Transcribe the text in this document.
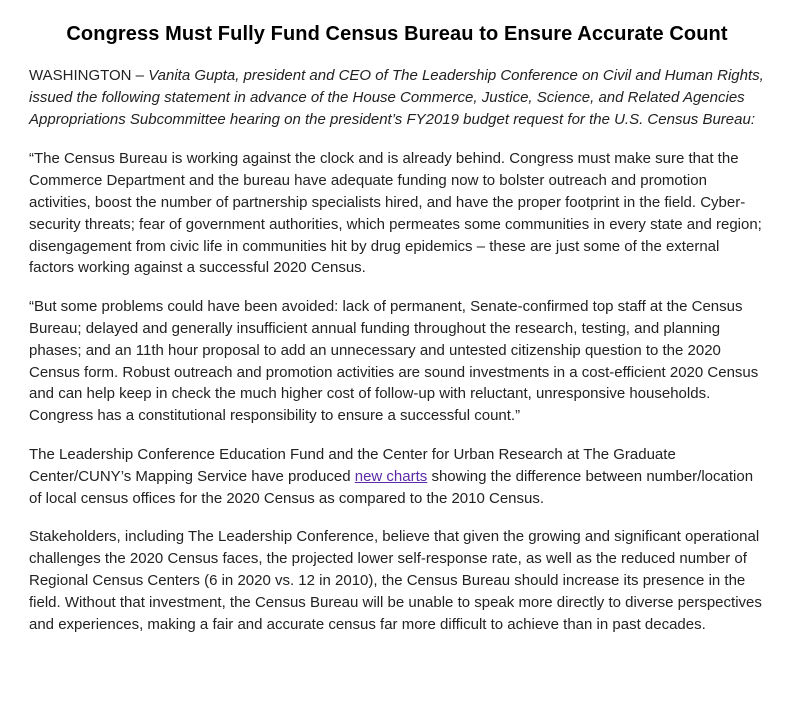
Congress Must Fully Fund Census Bureau to Ensure Accurate Count

WASHINGTON – Vanita Gupta, president and CEO of The Leadership Conference on Civil and Human Rights, issued the following statement in advance of the House Commerce, Justice, Science, and Related Agencies Appropriations Subcommittee hearing on the president’s FY2019 budget request for the U.S. Census Bureau:

“The Census Bureau is working against the clock and is already behind. Congress must make sure that the Commerce Department and the bureau have adequate funding now to bolster outreach and promotion activities, boost the number of partnership specialists hired, and have the proper footprint in the field. Cyber-security threats; fear of government authorities, which permeates some communities in every state and region; disengagement from civic life in communities hit by drug epidemics – these are just some of the external factors working against a successful 2020 Census.

“But some problems could have been avoided: lack of permanent, Senate-confirmed top staff at the Census Bureau; delayed and generally insufficient annual funding throughout the research, testing, and planning phases; and an 11th hour proposal to add an unnecessary and untested citizenship question to the 2020 Census form. Robust outreach and promotion activities are sound investments in a cost-efficient 2020 Census and can help keep in check the much higher cost of follow-up with reluctant, unresponsive households. Congress has a constitutional responsibility to ensure a successful count.”

The Leadership Conference Education Fund and the Center for Urban Research at The Graduate Center/CUNY’s Mapping Service have produced new charts showing the difference between number/location of local census offices for the 2020 Census as compared to the 2010 Census.

Stakeholders, including The Leadership Conference, believe that given the growing and significant operational challenges the 2020 Census faces, the projected lower self-response rate, as well as the reduced number of Regional Census Centers (6 in 2020 vs. 12 in 2010), the Census Bureau should increase its presence in the field. Without that investment, the Census Bureau will be unable to speak more directly to diverse perspectives and experiences, making a fair and accurate census far more difficult to achieve than in past decades.
